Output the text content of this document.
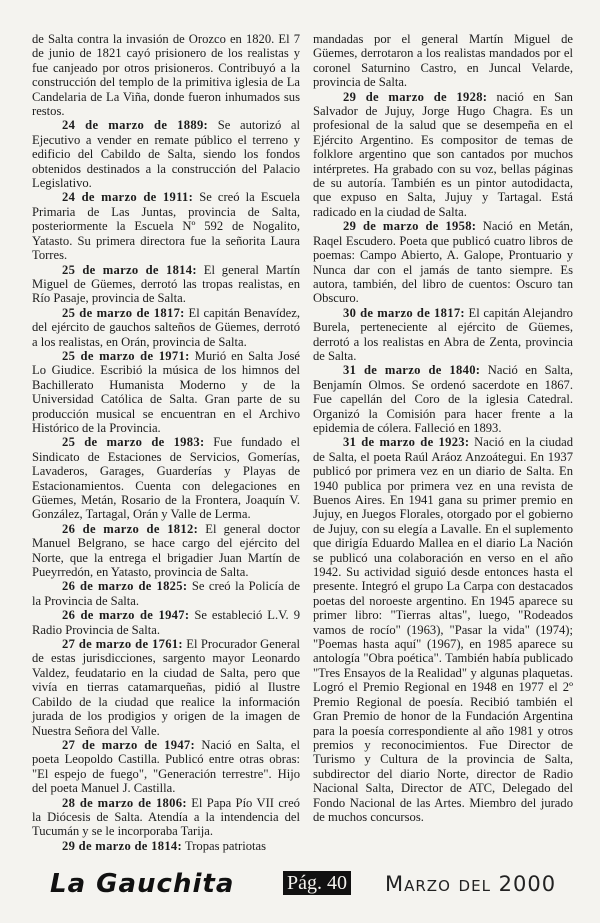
de Salta contra la invasión de Orozco en 1820. El 7 de junio de 1821 cayó prisionero de los realistas y fue canjeado por otros prisioneros. Contribuyó a la construcción del templo de la primitiva iglesia de La Candelaria de La Viña, donde fueron inhumados sus restos.

24 de marzo de 1889: Se autorizó al Ejecutivo a vender en remate público el terreno y edificio del Cabildo de Salta, siendo los fondos obtenidos destinados a la construcción del Palacio Legislativo.

24 de marzo de 1911: Se creó la Escuela Primaria de Las Juntas, provincia de Salta, posteriormente la Escuela Nº 592 de Nogalito, Yatasto. Su primera directora fue la señorita Laura Torres.

25 de marzo de 1814: El general Martín Miguel de Güemes, derrotó las tropas realistas, en Río Pasaje, provincia de Salta.

25 de marzo de 1817: El capitán Benavídez, del ejército de gauchos salteños de Güemes, derrotó a los realistas, en Orán, provincia de Salta.

25 de marzo de 1971: Murió en Salta José Lo Giudice. Escribió la música de los himnos del Bachillerato Humanista Moderno y de la Universidad Católica de Salta. Gran parte de su producción musical se encuentran en el Archivo Histórico de la Provincia.

25 de marzo de 1983: Fue fundado el Sindicato de Estaciones de Servicios, Gomerías, Lavaderos, Garages, Guarderías y Playas de Estacionamientos. Cuenta con delegaciones en Güemes, Metán, Rosario de la Frontera, Joaquín V. González, Tartagal, Orán y Valle de Lerma.

26 de marzo de 1812: El general doctor Manuel Belgrano, se hace cargo del ejército del Norte, que la entrega el brigadier Juan Martín de Pueyrredón, en Yatasto, provincia de Salta.

26 de marzo de 1825: Se creó la Policía de la Provincia de Salta.

26 de marzo de 1947: Se estableció L.V. 9 Radio Provincia de Salta.

27 de marzo de 1761: El Procurador General de estas jurisdicciones, sargento mayor Leonardo Valdez, feudatario en la ciudad de Salta, pero que vivía en tierras catamarqueñas, pidió al Ilustre Cabildo de la ciudad que realice la información jurada de los prodigios y origen de la imagen de Nuestra Señora del Valle.

27 de marzo de 1947: Nació en Salta, el poeta Leopoldo Castilla. Publicó entre otras obras: "El espejo de fuego", "Generación terrestre". Hijo del poeta Manuel J. Castilla.

28 de marzo de 1806: El Papa Pío VII creó la Diócesis de Salta. Atendía a la intendencia del Tucumán y se le incorporaba Tarija.

29 de marzo de 1814: Tropas patriotas

mandadas por el general Martín Miguel de Güemes, derrotaron a los realistas mandados por el coronel Saturnino Castro, en Juncal Velarde, provincia de Salta.

29 de marzo de 1928: nació en San Salvador de Jujuy, Jorge Hugo Chagra. Es un profesional de la salud que se desempeña en el Ejército Argentino. Es compositor de temas de folklore argentino que son cantados por muchos intérpretes. Ha grabado con su voz, bellas páginas de su autoría. También es un pintor autodidacta, que expuso en Salta, Jujuy y Tartagal. Está radicado en la ciudad de Salta.

29 de marzo de 1958: Nació en Metán, Raqel Escudero. Poeta que publicó cuatro libros de poemas: Campo Abierto, A. Galope, Prontuario y Nunca dar con el jamás de tanto siempre. Es autora, también, del libro de cuentos: Oscuro tan Obscuro.

30 de marzo de 1817: El capitán Alejandro Burela, perteneciente al ejército de Güemes, derrotó a los realistas en Abra de Zenta, provincia de Salta.

31 de marzo de 1840: Nació en Salta, Benjamín Olmos. Se ordenó sacerdote en 1867. Fue capellán del Coro de la iglesia Catedral. Organizó la Comisión para hacer frente a la epidemia de cólera. Falleció en 1893.

31 de marzo de 1923: Nació en la ciudad de Salta, el poeta Raúl Aráoz Anzoátegui. En 1937 publicó por primera vez en un diario de Salta. En 1940 publica por primera vez en una revista de Buenos Aires. En 1941 gana su primer premio en Jujuy, en Juegos Florales, otorgado por el gobierno de Jujuy, con su elegía a Lavalle. En el suplemento que dirigía Eduardo Mallea en el diario La Nación se publicó una colaboración en verso en el año 1942. Su actividad siguió desde entonces hasta el presente. Integró el grupo La Carpa con destacados poetas del noroeste argentino. En 1945 aparece su primer libro: "Tierras altas", luego, "Rodeados vamos de rocío" (1963), "Pasar la vida" (1974); "Poemas hasta aquí" (1967), en 1985 aparece su antología "Obra poética". También había publicado "Tres Ensayos de la Realidad" y algunas plaquetas. Logró el Premio Regional en 1948 en 1977 el 2º Premio Regional de poesía. Recibió también el Gran Premio de honor de la Fundación Argentina para la poesía correspondiente al año 1981 y otros premios y reconocimientos. Fue Director de Turismo y Cultura de la provincia de Salta, subdirector del diario Norte, director de Radio Nacional Salta, Director de ATC, Delegado del Fondo Nacional de las Artes. Miembro del jurado de muchos concursos.

La Gauchita	Pág. 40 Marzo del 2000
